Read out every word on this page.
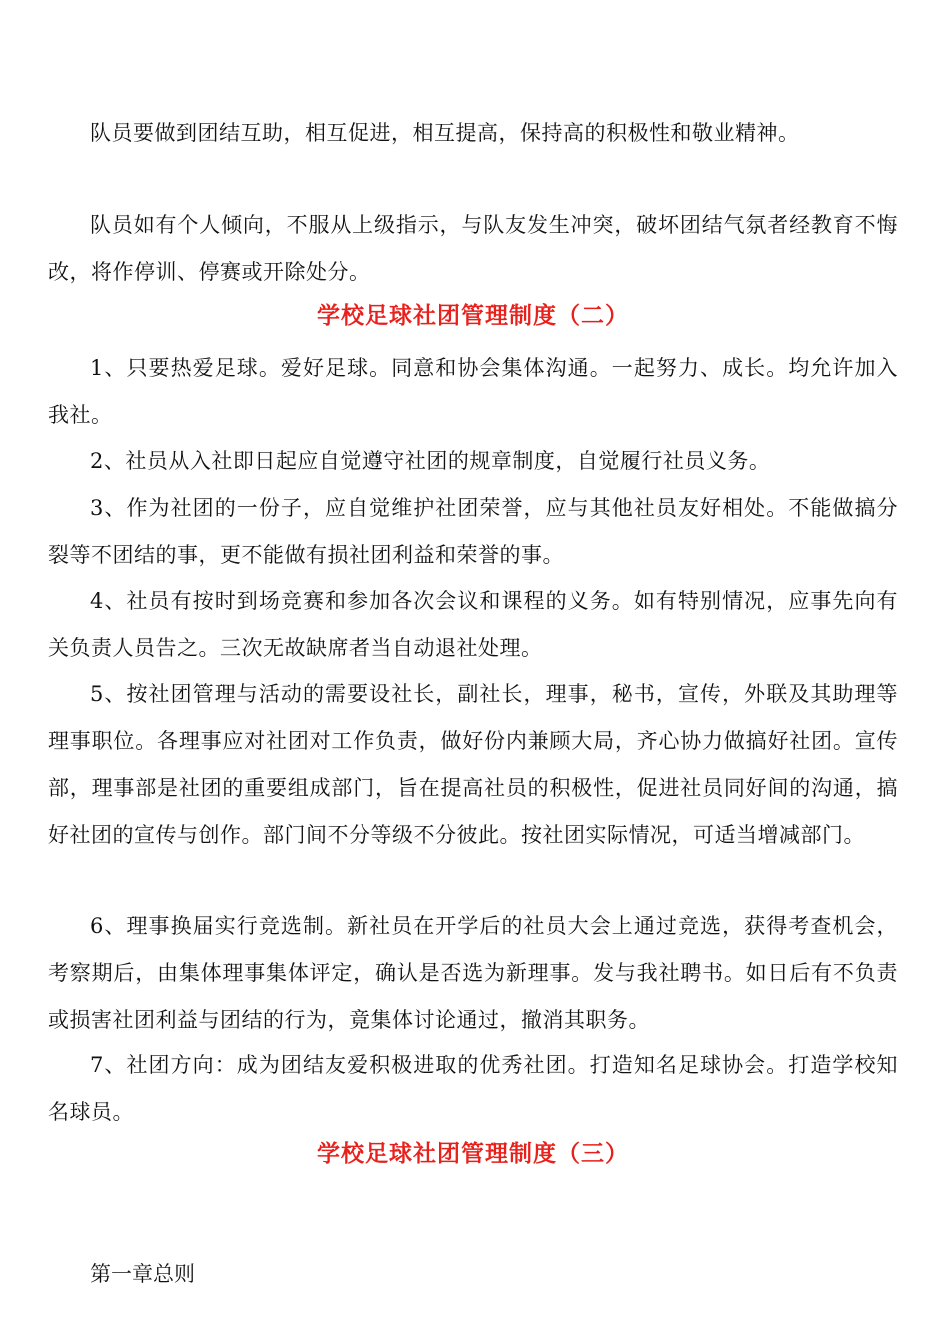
队员要做到团结互助，相互促进，相互提高，保持高的积极性和敬业精神。

队员如有个人倾向，不服从上级指示，与队友发生冲突，破坏团结气氛者经教育不悔改，将作停训、停赛或开除处分。

学校足球社团管理制度（二）

1、只要热爱足球。爱好足球。同意和协会集体沟通。一起努力、成长。均允许加入我社。

2、社员从入社即日起应自觉遵守社团的规章制度，自觉履行社员义务。

3、作为社团的一份子，应自觉维护社团荣誉，应与其他社员友好相处。不能做搞分裂等不团结的事，更不能做有损社团利益和荣誉的事。

4、社员有按时到场竞赛和参加各次会议和课程的义务。如有特别情况，应事先向有关负责人员告之。三次无故缺席者当自动退社处理。

5、按社团管理与活动的需要设社长，副社长，理事，秘书，宣传，外联及其助理等理事职位。各理事应对社团对工作负责，做好份内兼顾大局，齐心协力做搞好社团。宣传部，理事部是社团的重要组成部门，旨在提高社员的积极性，促进社员同好间的沟通，搞好社团的宣传与创作。部门间不分等级不分彼此。按社团实际情况，可适当增减部门。

6、理事换届实行竞选制。新社员在开学后的社员大会上通过竞选，获得考查机会，考察期后，由集体理事集体评定，确认是否选为新理事。发与我社聘书。如日后有不负责或损害社团利益与团结的行为，竟集体讨论通过，撤消其职务。

7、社团方向：成为团结友爱积极进取的优秀社团。打造知名足球协会。打造学校知名球员。

学校足球社团管理制度（三）

第一章总则
